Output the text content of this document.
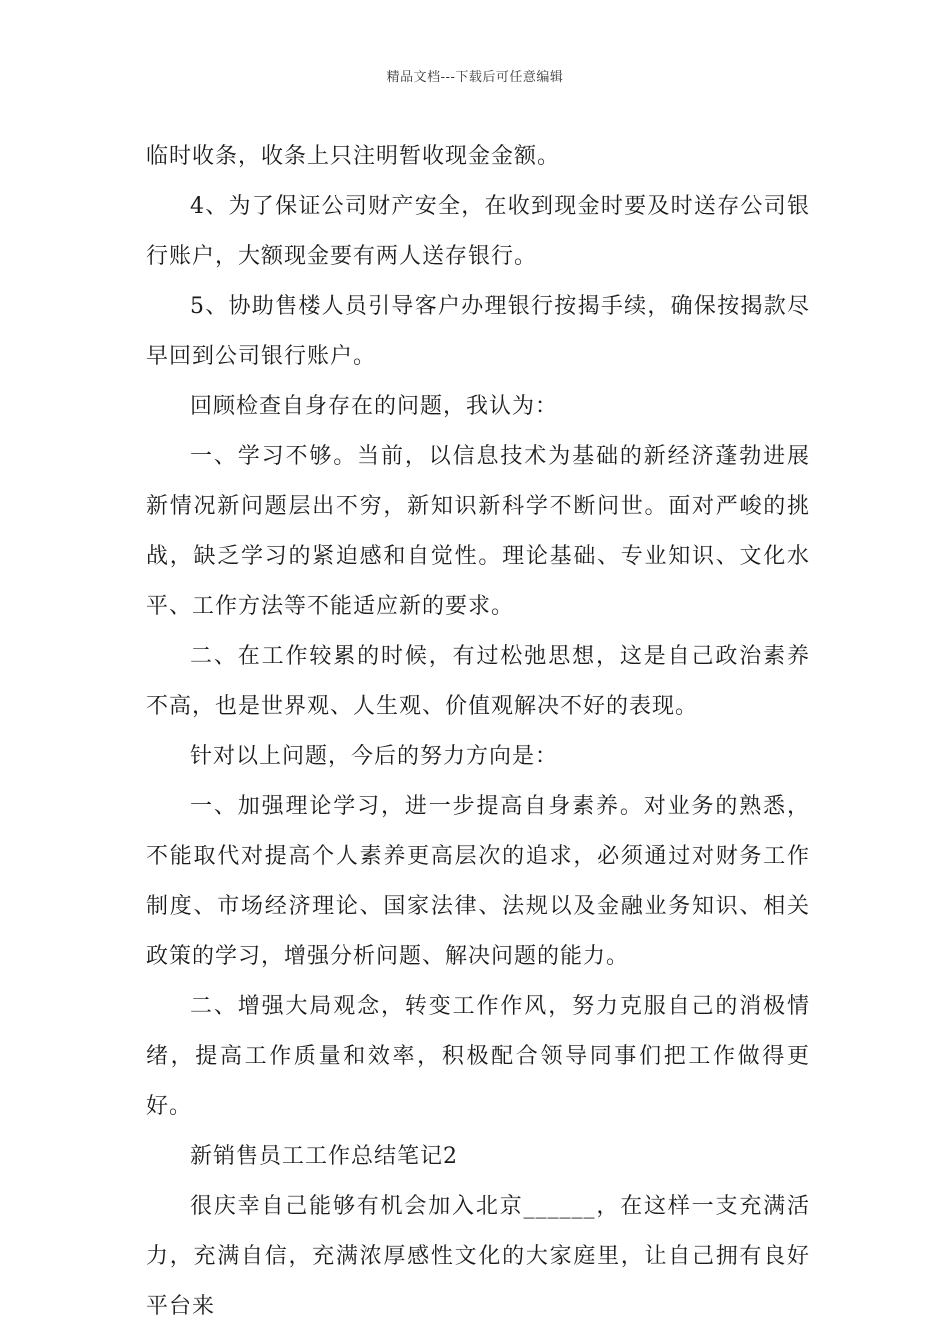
精品文档---下载后可任意编辑

临时收条，收条上只注明暂收现金金额。

4、为了保证公司财产安全，在收到现金时要及时送存公司银行账户，大额现金要有两人送存银行。

5、协助售楼人员引导客户办理银行按揭手续，确保按揭款尽早回到公司银行账户。

回顾检查自身存在的问题，我认为：

一、学习不够。当前，以信息技术为基础的新经济蓬勃进展新情况新问题层出不穷，新知识新科学不断问世。面对严峻的挑战，缺乏学习的紧迫感和自觉性。理论基础、专业知识、文化水平、工作方法等不能适应新的要求。

二、在工作较累的时候，有过松弛思想，这是自己政治素养不高，也是世界观、人生观、价值观解决不好的表现。

针对以上问题，今后的努力方向是：

一、加强理论学习，进一步提高自身素养。对业务的熟悉，不能取代对提高个人素养更高层次的追求，必须通过对财务工作制度、市场经济理论、国家法律、法规以及金融业务知识、相关政策的学习，增强分析问题、解决问题的能力。

二、增强大局观念，转变工作作风，努力克服自己的消极情绪，提高工作质量和效率，积极配合领导同事们把工作做得更好。

新销售员工工作总结笔记2

很庆幸自己能够有机会加入北京______，在这样一支充满活力，充满自信，充满浓厚感性文化的大家庭里，让自己拥有良好平台来
